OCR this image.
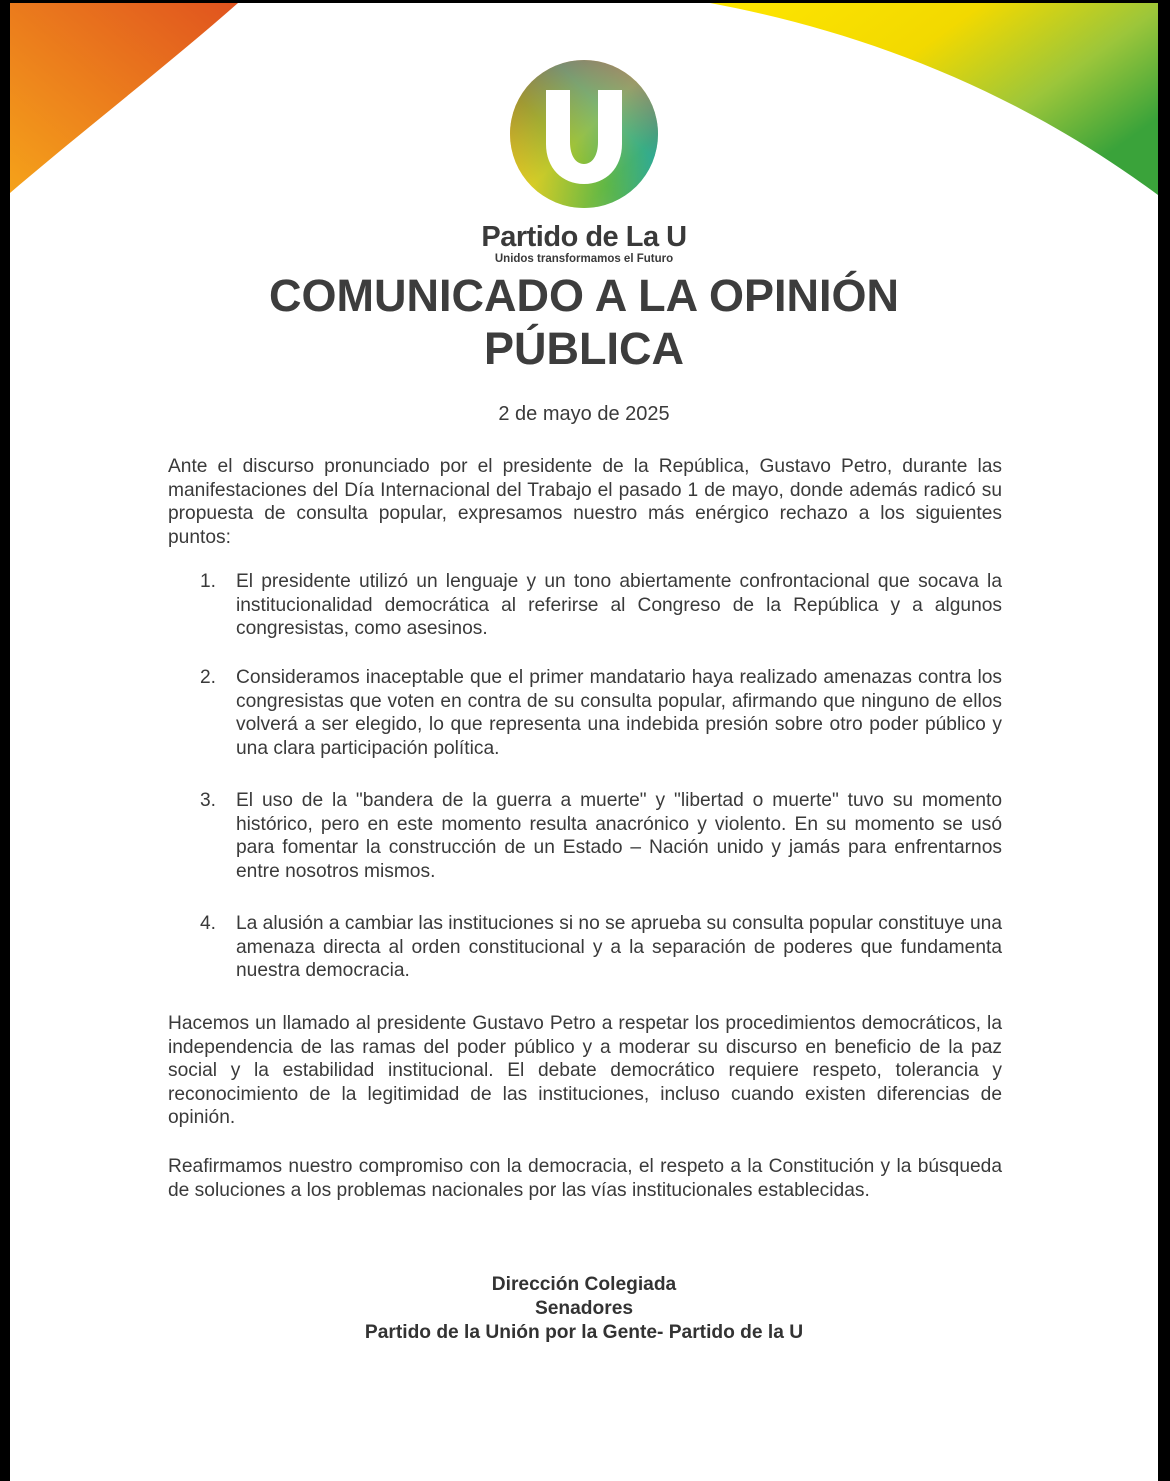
Partido de La U
Unidos transformamos el Futuro
COMUNICADO A LA OPINIÓN
PÚBLICA
2 de mayo de 2025
Ante el discurso pronunciado por el presidente de la República, Gustavo Petro, durante las manifestaciones del Día Internacional del Trabajo el pasado 1 de mayo, donde además radicó su propuesta de consulta popular, expresamos nuestro más enérgico rechazo a los siguientes puntos:
1.	El presidente utilizó un lenguaje y un tono abiertamente confrontacional que socava la institucionalidad democrática al referirse al Congreso de la República y a algunos congresistas, como asesinos.
2.	Consideramos inaceptable que el primer mandatario haya realizado amenazas contra los congresistas que voten en contra de su consulta popular, afirmando que ninguno de ellos volverá a ser elegido, lo que representa una indebida presión sobre otro poder público y una clara participación política.
3.	El uso de la "bandera de la guerra a muerte" y "libertad o muerte" tuvo su momento histórico, pero en este momento resulta anacrónico y violento. En su momento se usó para fomentar la construcción de un Estado – Nación unido y jamás para enfrentarnos entre nosotros mismos.
4.	La alusión a cambiar las instituciones si no se aprueba su consulta popular constituye una amenaza directa al orden constitucional y a la separación de poderes que fundamenta nuestra democracia.
Hacemos un llamado al presidente Gustavo Petro a respetar los procedimientos democráticos, la independencia de las ramas del poder público y a moderar su discurso en beneficio de la paz social y la estabilidad institucional. El debate democrático requiere respeto, tolerancia y reconocimiento de la legitimidad de las instituciones, incluso cuando existen diferencias de opinión.
Reafirmamos nuestro compromiso con la democracia, el respeto a la Constitución y la búsqueda de soluciones a los problemas nacionales por las vías institucionales establecidas.
Dirección Colegiada
Senadores
Partido de la Unión por la Gente- Partido de la U
